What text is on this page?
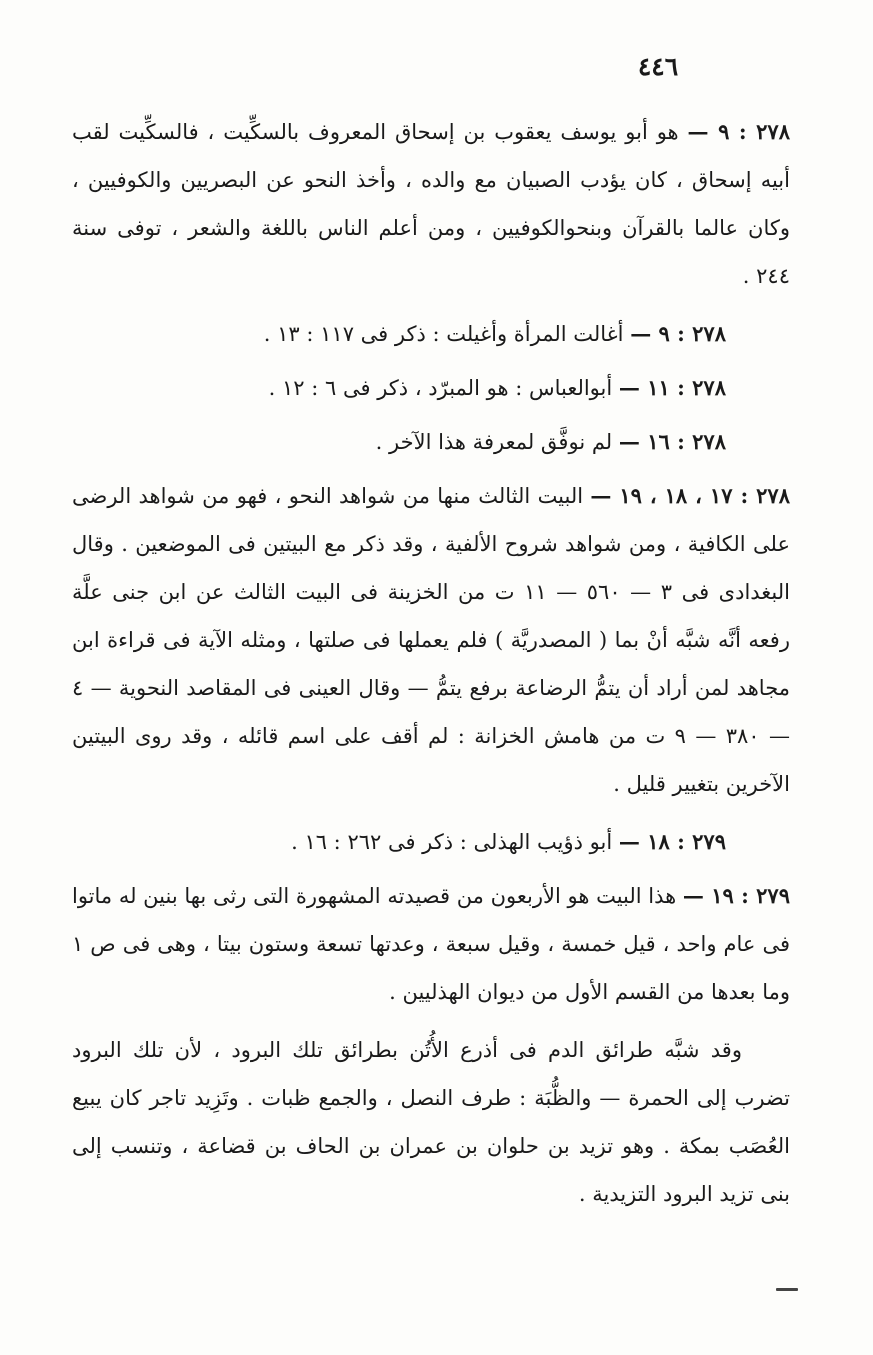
٤٤٦

٢٧٨ : ٩ — هو أبو يوسف يعقوب بن إسحاق المعروف بالسكِّيت ، فالسكِّيت لقب أبيه إسحاق ، كان يؤدب الصبيان مع والده ، وأخذ النحو عن البصريين والكوفيين ، وكان عالما بالقرآن وبنحوالكوفيين ، ومن أعلم الناس باللغة والشعر ، توفى سنة ٢٤٤ .

٢٧٨ : ٩ — أغالت المرأة وأغيلت : ذكر فى ١١٧ : ١٣ .

٢٧٨ : ١١ — أبوالعباس : هو المبرّد ، ذكر فى ٦ : ١٢ .

٢٧٨ : ١٦ — لم نوفَّق لمعرفة هذا الآخر .

٢٧٨ : ١٧ ، ١٨ ، ١٩ — البيت الثالث منها من شواهد النحو ، فهو من شواهد الرضى على الكافية ، ومن شواهد شروح الألفية ، وقد ذكر مع البيتين فى الموضعين . وقال البغدادى فى ٣ — ٥٦٠ — ١١ ت من الخزينة فى البيت الثالث عن ابن جنى علَّة رفعه أنَّه شبَّه أنْ بما ( المصدريَّة ) فلم يعملها فى صلتها ، ومثله الآية فى قراءة ابن مجاهد لمن أراد أن يتمُّ الرضاعة برفع يتمُّ — وقال العينى فى المقاصد النحوية — ٤ — ٣٨٠ — ٩ ت من هامش الخزانة : لم أقف على اسم قائله ، وقد روى البيتين الآخرين بتغيير قليل .

٢٧٩ : ١٨ — أبو ذؤيب الهذلى : ذكر فى ٢٦٢ : ١٦ .

٢٧٩ : ١٩ — هذا البيت هو الأربعون من قصيدته المشهورة التى رثى بها بنين له ماتوا فى عام واحد ، قيل خمسة ، وقيل سبعة ، وعدتها تسعة وستون بيتا ، وهى فى ص ١ وما بعدها من القسم الأول من ديوان الهذليين .

وقد شبَّه طرائق الدم فى أذرع الأُتُن بطرائق تلك البرود ، لأن تلك البرود تضرب إلى الحمرة — والظُّبَة : طرف النصل ، والجمع ظبات . وتَزِيد تاجر كان يبيع العُصَب بمكة . وهو تزيد بن حلوان بن عمران بن الحاف بن قضاعة ، وتنسب إلى بنى تزيد البرود التزيدية .
